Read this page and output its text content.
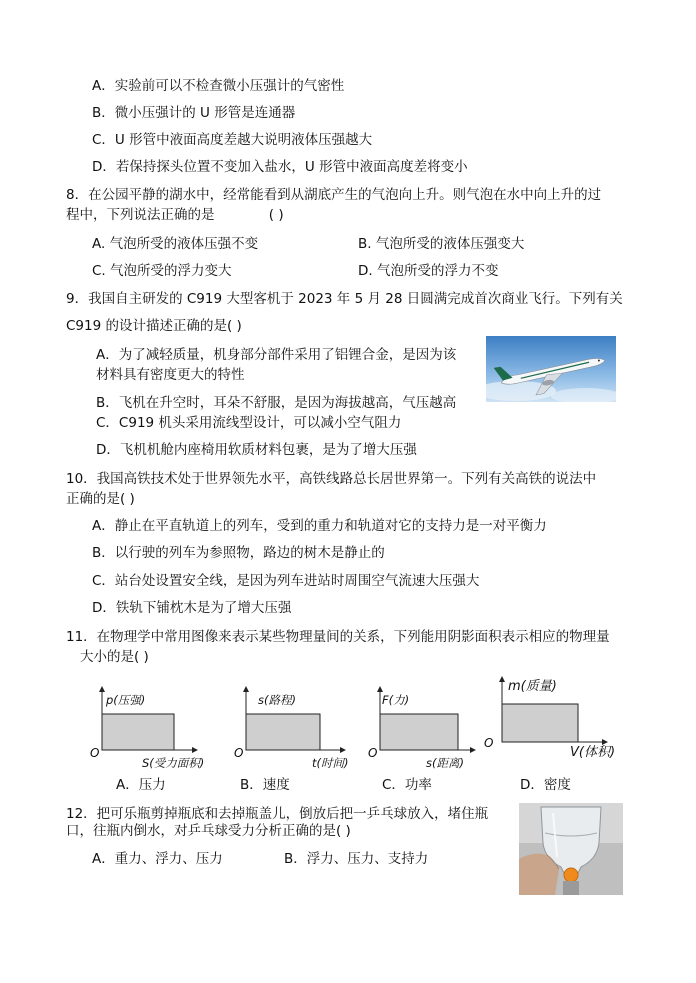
A．实验前可以不检查微小压强计的气密性
B．微小压强计的 U 形管是连通器
C．U 形管中液面高度差越大说明液体压强越大
D．若保持探头位置不变加入盐水，U 形管中液面高度差将变小
8．在公园平静的湖水中，经常能看到从湖底产生的气泡向上升。则气泡在水中向上升的过
程中，下列说法正确的是	( )
A. 气泡所受的液体压强不变	B. 气泡所受的液体压强变大
C. 气泡所受的浮力变大	D. 气泡所受的浮力不变
9．我国自主研发的 C919 大型客机于 2023 年 5 月 28 日圆满完成首次商业飞行。下列有关
C919 的设计描述正确的是( )
A．为了减轻质量，机身部分部件采用了铝锂合金，是因为该
材料具有密度更大的特性
B．飞机在升空时，耳朵不舒服，是因为海拔越高，气压越高
C．C919 机头采用流线型设计，可以减小空气阻力
D．飞机机舱内座椅用软质材料包裹，是为了增大压强
10．我国高铁技术处于世界领先水平，高铁线路总长居世界第一。下列有关高铁的说法中
正确的是( )
A．静止在平直轨道上的列车，受到的重力和轨道对它的支持力是一对平衡力
B．以行驶的列车为参照物，路边的树木是静止的
C．站台处设置安全线，是因为列车进站时周围空气流速大压强大
D．铁轨下铺枕木是为了增大压强
11．在物理学中常用图像来表示某些物理量间的关系，下列能用阴影面积表示相应的物理量
大小的是( )
p(压强)
O
S(受力面积)
s(路程)
O
t(时间)
F(力)
O
s(距离)
m(质量)
O
V(体积)
A．压力	B．速度	C．功率	D．密度
12．把可乐瓶剪掉瓶底和去掉瓶盖儿，倒放后把一乒乓球放入，堵住瓶
口，往瓶内倒水，对乒乓球受力分析正确的是( )
A．重力、浮力、压力	B．浮力、压力、支持力
